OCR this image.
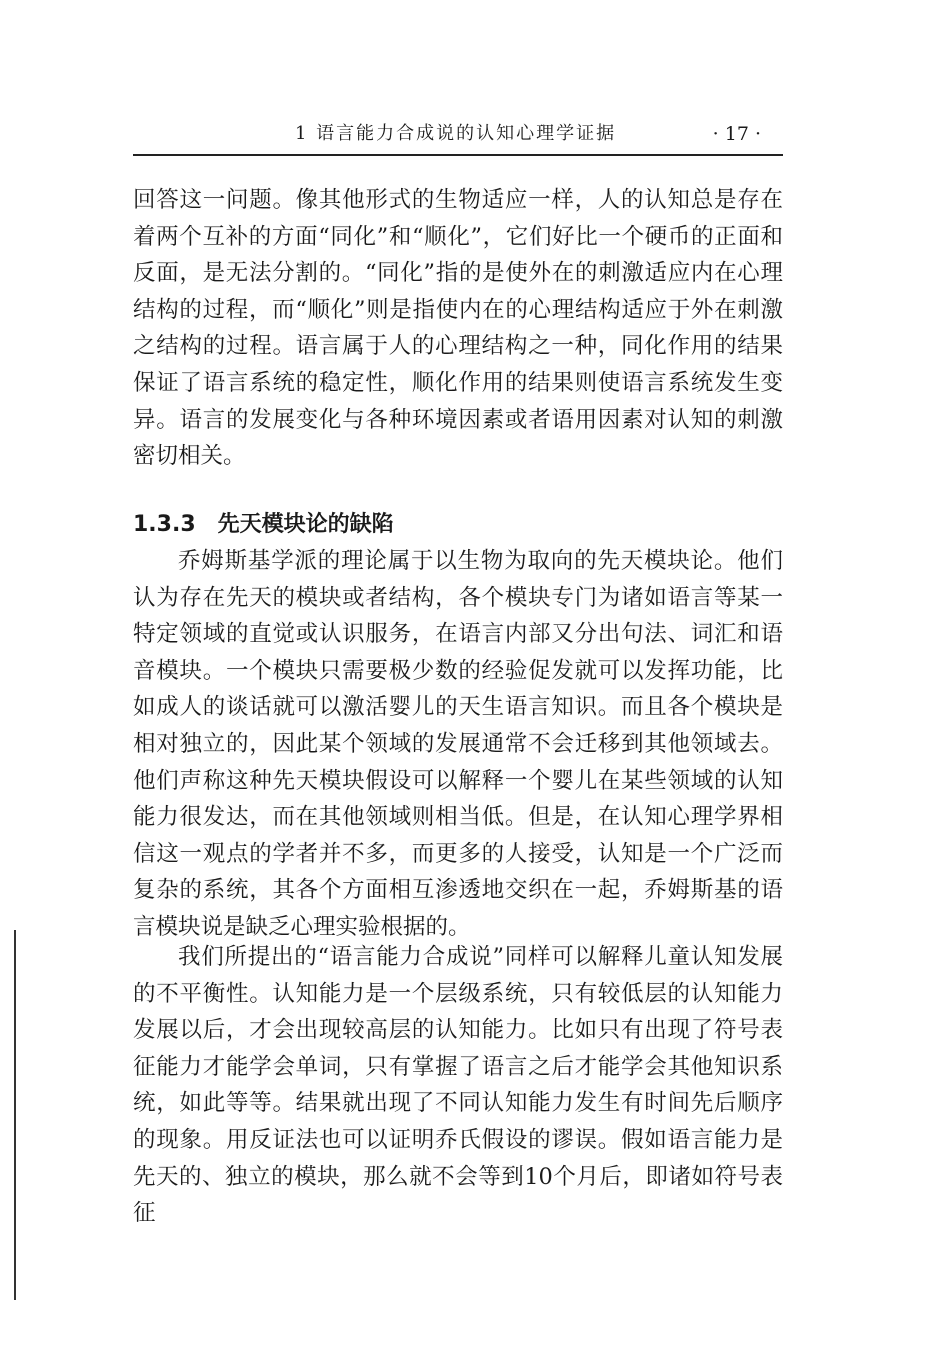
1 语言能力合成说的认知心理学证据	· 17 ·

回答这一问题。像其他形式的生物适应一样，人的认知总是存在着两个互补的方面“同化”和“顺化”，它们好比一个硬币的正面和反面，是无法分割的。“同化”指的是使外在的刺激适应内在心理结构的过程，而“顺化”则是指使内在的心理结构适应于外在刺激之结构的过程。语言属于人的心理结构之一种，同化作用的结果保证了语言系统的稳定性，顺化作用的结果则使语言系统发生变异。语言的发展变化与各种环境因素或者语用因素对认知的刺激密切相关。

1.3.3 先天模块论的缺陷

乔姆斯基学派的理论属于以生物为取向的先天模块论。他们认为存在先天的模块或者结构，各个模块专门为诸如语言等某一特定领域的直觉或认识服务，在语言内部又分出句法、词汇和语音模块。一个模块只需要极少数的经验促发就可以发挥功能，比如成人的谈话就可以激活婴儿的天生语言知识。而且各个模块是相对独立的，因此某个领域的发展通常不会迁移到其他领域去。他们声称这种先天模块假设可以解释一个婴儿在某些领域的认知能力很发达，而在其他领域则相当低。但是，在认知心理学界相信这一观点的学者并不多，而更多的人接受，认知是一个广泛而复杂的系统，其各个方面相互渗透地交织在一起，乔姆斯基的语言模块说是缺乏心理实验根据的。

我们所提出的“语言能力合成说”同样可以解释儿童认知发展的不平衡性。认知能力是一个层级系统，只有较低层的认知能力发展以后，才会出现较高层的认知能力。比如只有出现了符号表征能力才能学会单词，只有掌握了语言之后才能学会其他知识系统，如此等等。结果就出现了不同认知能力发生有时间先后顺序的现象。用反证法也可以证明乔氏假设的谬误。假如语言能力是先天的、独立的模块，那么就不会等到10个月后，即诸如符号表征
